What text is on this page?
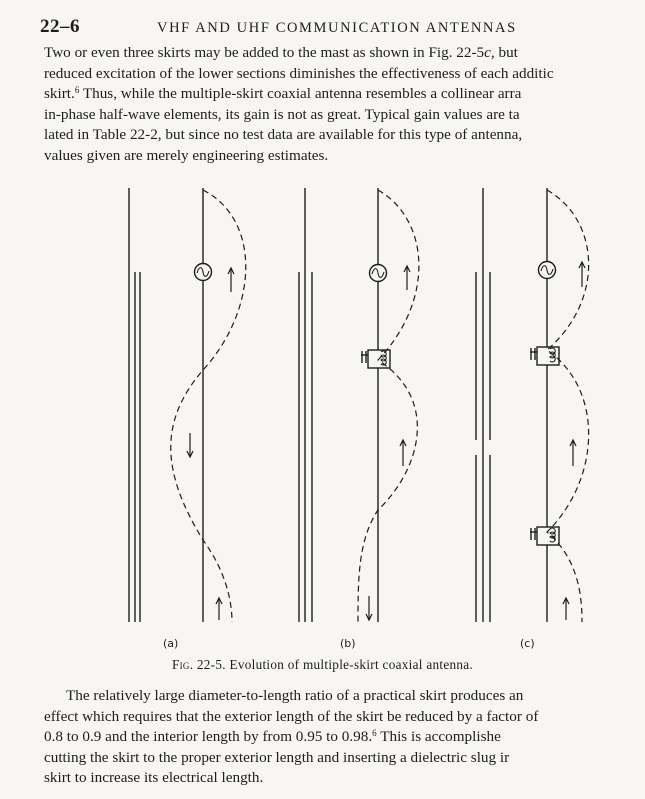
22–6	VHF AND UHF COMMUNICATION ANTENNAS

Two or even three skirts may be added to the mast as shown in Fig. 22-5c, but
reduced excitation of the lower sections diminishes the effectiveness of each additic
skirt.$^6$ Thus, while the multiple-skirt coaxial antenna resembles a collinear arra
in-phase half-wave elements, its gain is not as great. Typical gain values are ta
lated in Table 22-2, but since no test data are available for this type of antenna,
values given are merely engineering estimates.

(a)	(b)	(c)
Fig. 22-5. Evolution of multiple-skirt coaxial antenna.

The relatively large diameter-to-length ratio of a practical skirt produces an
effect which requires that the exterior length of the skirt be reduced by a factor of
0.8 to 0.9 and the interior length by from 0.95 to 0.98.$^6$ This is accomplishe
cutting the skirt to the proper exterior length and inserting a dielectric slug ir
skirt to increase its electrical length.
